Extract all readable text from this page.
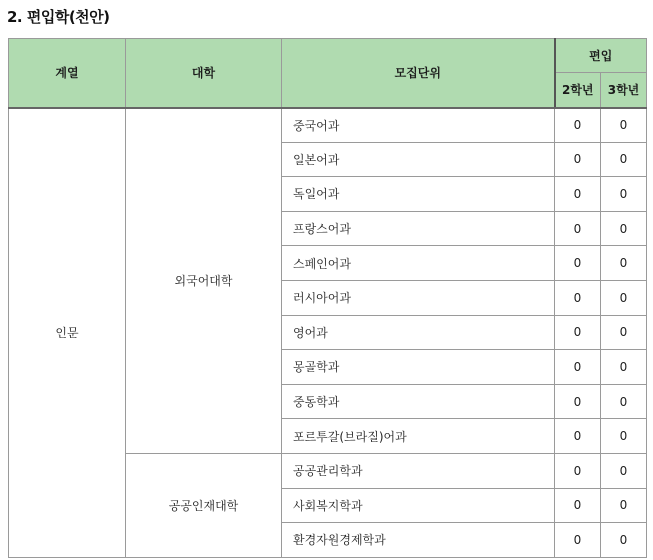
2. 편입학(천안)
계열	대학	모집단위	편입	
			2학년	3학년
인문	외국어대학	중국어과	0	0
		일본어과	0	0
		독일어과	0	0
		프랑스어과	0	0
		스페인어과	0	0
		러시아어과	0	0
		영어과	0	0
		몽골학과	0	0
		중동학과	0	0
		포르투갈(브라질)어과	0	0
	공공인재대학	공공관리학과	0	0
		사회복지학과	0	0
		환경자원경제학과	0	0
